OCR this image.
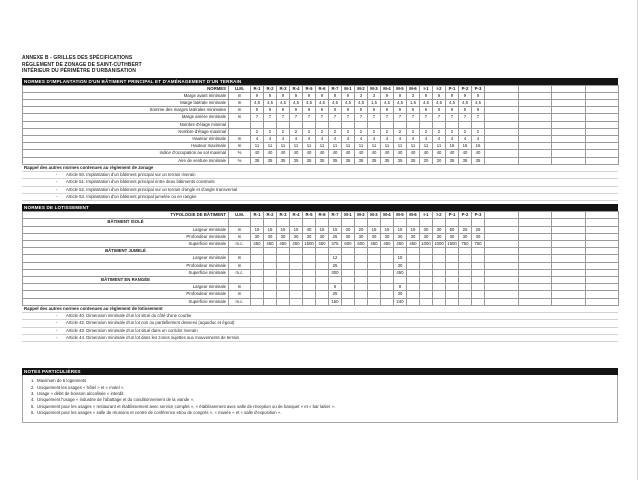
ANNEXE B - GRILLES DES SPÉCIFICATIONS
RÈGLEMENT DE ZONAGE DE SAINT-CUTHBERT
INTÉRIEUR DU PÉRIMÈTRE D'URBANISATION
NORMES D'IMPLANTATION D'UN BÂTIMENT PRINCIPAL ET D'AMÉNAGEMENT D'UN TERRAIN
NORMES	U.M.	R-1	R-2	R-3	R-4	R-5	R-6	R-7	M-1	M-2	M-3	M-4	M-5	M-6	I-1	I-2	P-1	P-2	P-3				
Marge avant minimale	m	9	9	9	9	9	9	9	9	3	3	9	9	3	9	9	9	9	9				
Marge latérale minimale	m	4,5	4,5	4,5	4,5	4,5	4,5	4,5	4,5	4,5	1,5	4,5	4,5	1,5	4,5	4,5	4,5	4,5	4,5				
Somme des marges latérales minimales	m	9	9	9	9	9	9	9	9	9	5	9	9	5	9	9	9	9	9				
Marge arrière minimale	m	7	7	7	7	7	7	7	7	7	7	7	7	7	7	7	7	7	7				
Nombre d'étage minimal																							
Nombre d'étage maximal		2	2	2	2	2	2	2	2	2	2	2	2	2	2	2	2	2	2				
Hauteur minimale	m	4	4	4	4	4	4	4	4	4	4	4	4	4	4	4	4	4	4				
Hauteur maximale	m	11	11	11	11	11	11	11	11	11	11	11	11	11	11	11	16	16	16				
Indice d'occupation au sol maximal	%	40	40	40	40	40	40	40	40	40	40	40	40	40	40	40	40	40	40				
Aire de verdure minimale	%	35	35	35	35	35	35	35	35	35	35	35	35	35	20	20	35	35	35				
Rappel des autres normes contenues au règlement de zonage
- Article 50. Implantation d'un bâtiment principal sur un terrain riverain
- Article 51. Implantation d'un bâtiment principal entre deux bâtiments construits
- Article 52. Implantation d'un bâtiment principal sur un terrain d'angle et d'angle transversal
- Article 53. Implantation d'un bâtiment principal jumelée ou en rangée
NORMES DE LOTISSEMENT
TYPOLOGIE DE BÂTIMENT	U.M.	R-1	R-2	R-3	R-4	R-5	R-6	R-7	M-1	M-2	M-3	M-4	M-5	M-6	I-1	I-2	P-1	P-2	P-3				
BÂTIMENT ISOLÉ																							
Largeur minimale	m	15	15	15	15	40	15	15	20	20	15	15	15	15	30	30	50	25	25				
Profondeur minimale	m	30	30	30	30	30	30	25	30	30	30	30	30	30	30	30	30	30	30				
Superficie minimale	m.c.	450	450	450	450	1500	450	375	600	600	450	450	450	450	1000	1000	1500	750	750				
BÂTIMENT JUMELÉ																							
Largeur minimale	m							12					15										
Profondeur minimale	m							25					30										
Superficie minimale	m.c.							300					450										
BÂTIMENT EN RANGÉE																							
Largeur minimale	m							6					8										
Profondeur minimale	m							25					30										
Superficie minimale	m.c.							150					240										
Rappel des autres normes contenues au règlement de lotissement
- Article 40. Dimension minimale d'un lot situé du côté d'une courbe
- Article 42. Dimension minimale d'un lot non ou partiellement desservi (aqueduc et égout)
- Article 43. Dimension minimale d'un lot situé dans un corridor riverain
- Article 44. Dimension minimale d'un lot dans les zones sujettes aux mouvements de terrain
NOTES PARTICULIÈRES
1. Maximum de 6 logements.
2. Uniquement les usages « hôtel » et « motel ».
3. Usage « débit de boisson alcoolisée » interdit.
4. Uniquement l'usage « industrie de l'abattage et du conditionnement de la viande ».
5. Uniquement pour les usages « restaurant et établissement avec service complet », « établissement avec salle de réception ou de banquet » et « bar laitier ».
6. Uniquement pour les usages « salle de réunions et centre de conférence et/ou de congrès », « musée » et « salle d'exposition ».
